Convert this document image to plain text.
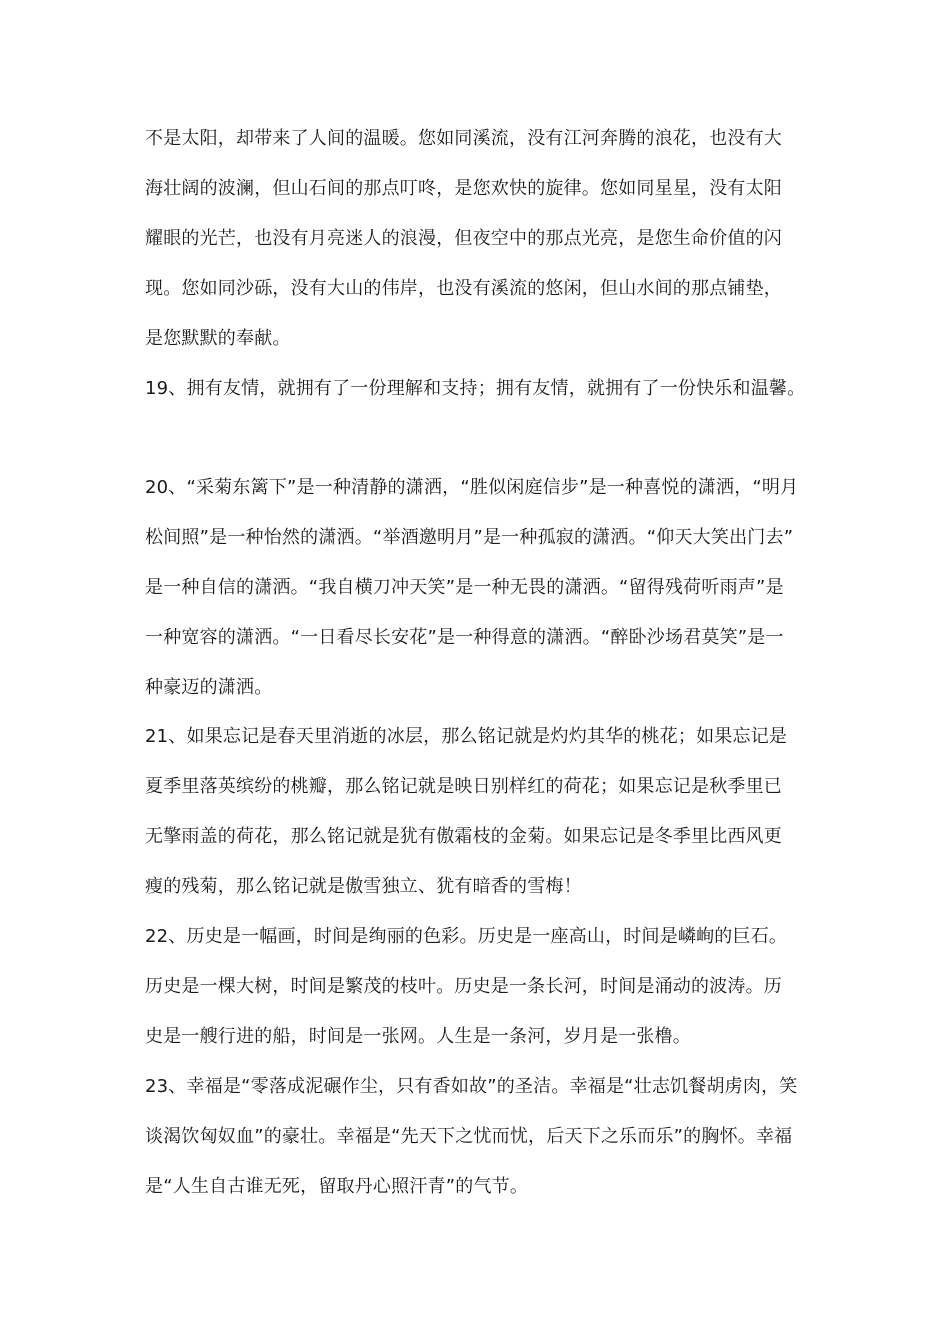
不是太阳，却带来了人间的温暖。您如同溪流，没有江河奔腾的浪花，也没有大
海壮阔的波澜，但山石间的那点叮咚，是您欢快的旋律。您如同星星，没有太阳
耀眼的光芒，也没有月亮迷人的浪漫，但夜空中的那点光亮，是您生命价值的闪
现。您如同沙砾，没有大山的伟岸，也没有溪流的悠闲，但山水间的那点铺垫，
是您默默的奉献。
19、拥有友情，就拥有了一份理解和支持；拥有友情，就拥有了一份快乐和温馨。
20、“采菊东篱下”是一种清静的潇洒，“胜似闲庭信步”是一种喜悦的潇洒，“明月
松间照”是一种怡然的潇洒。“举酒邀明月”是一种孤寂的潇洒。“仰天大笑出门去”
是一种自信的潇洒。“我自横刀冲天笑”是一种无畏的潇洒。“留得残荷听雨声”是
一种宽容的潇洒。“一日看尽长安花”是一种得意的潇洒。“醉卧沙场君莫笑”是一
种豪迈的潇洒。
21、如果忘记是春天里消逝的冰层，那么铭记就是灼灼其华的桃花；如果忘记是
夏季里落英缤纷的桃瓣，那么铭记就是映日别样红的荷花；如果忘记是秋季里已
无擎雨盖的荷花，那么铭记就是犹有傲霜枝的金菊。如果忘记是冬季里比西风更
瘦的残菊，那么铭记就是傲雪独立、犹有暗香的雪梅！
22、历史是一幅画，时间是绚丽的色彩。历史是一座高山，时间是嶙峋的巨石。
历史是一棵大树，时间是繁茂的枝叶。历史是一条长河，时间是涌动的波涛。历
史是一艘行进的船，时间是一张网。人生是一条河，岁月是一张橹。
23、幸福是“零落成泥碾作尘，只有香如故”的圣洁。幸福是“壮志饥餐胡虏肉，笑
谈渴饮匈奴血”的豪壮。幸福是“先天下之忧而忧，后天下之乐而乐”的胸怀。幸福
是“人生自古谁无死，留取丹心照汗青”的气节。
